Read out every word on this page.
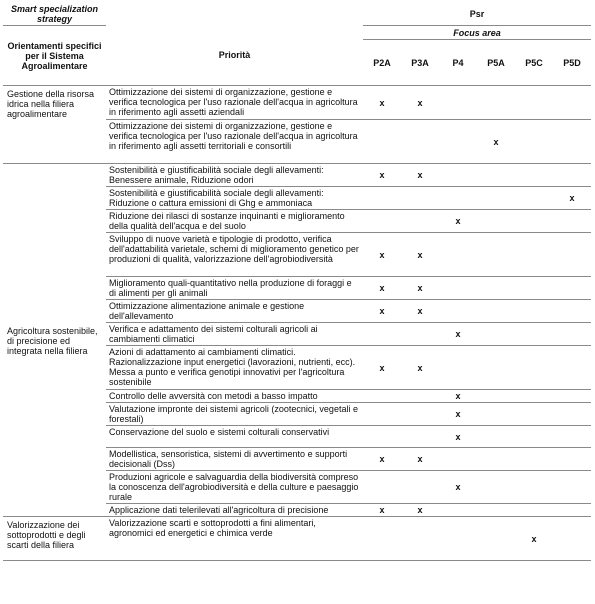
Smart specialization strategy		Psr					
Orientamenti specifici per il Sistema Agroalimentare	Priorità	Focus area					
		P2A	P3A	P4	P5A	P5C	P5D
Gestione della risorsa idrica nella filiera agroalimentare	Ottimizzazione dei sistemi di organizzazione, gestione e verifica tecnologica per l'uso razionale dell'acqua in agricoltura in riferimento agli assetti aziendali	x	x				
	Ottimizzazione dei sistemi di organizzazione, gestione e verifica tecnologica per l'uso razionale dell'acqua in agricoltura in riferimento agli assetti territoriali e consortili				x		
Agricoltura sostenibile, di precisione ed integrata nella filiera	Sostenibilità e giustificabilità sociale degli allevamenti: Benessere animale, Riduzione odori	x	x				
	Sostenibilità e giustificabilità sociale degli allevamenti: Riduzione o cattura emissioni di Ghg e ammoniaca						x
	Riduzione dei rilasci di sostanze inquinanti e miglioramento della qualità dell'acqua e del suolo			x			
	Sviluppo di nuove varietà e tipologie di prodotto, verifica dell'adattabilità varietale, schemi di miglioramento genetico per produzioni di qualità, valorizzazione dell'agrobiodiversità	x	x				
	Miglioramento quali-quantitativo nella produzione di foraggi e di alimenti per gli animali	x	x				
	Ottimizzazione alimentazione animale e gestione dell'allevamento	x	x				
	Verifica e adattamento dei sistemi colturali agricoli ai cambiamenti climatici			x			
	Azioni di adattamento ai cambiamenti climatici. Razionalizzazione input energetici (lavorazioni, nutrienti, ecc). Messa a punto e verifica genotipi innovativi per l'agricoltura sostenibile	x	x				
	Controllo delle avversità con metodi a basso impatto			x			
	Valutazione impronte dei sistemi agricoli (zootecnici, vegetali e forestali)			x			
	Conservazione del suolo e sistemi colturali conservativi			x			
	Modellistica, sensoristica, sistemi di avvertimento e supporti decisionali (Dss)	x	x				
	Produzioni agricole e salvaguardia della biodiversità compreso la conoscenza dell'agrobiodiversità e della culture e paesaggio rurale			x			
	Applicazione dati telerilevati all'agricoltura di precisione	x	x				
Valorizzazione dei sottoprodotti e degli scarti della filiera	Valorizzazione scarti e sottoprodotti a fini alimentari, agronomici ed energetici e chimica verde					x	
